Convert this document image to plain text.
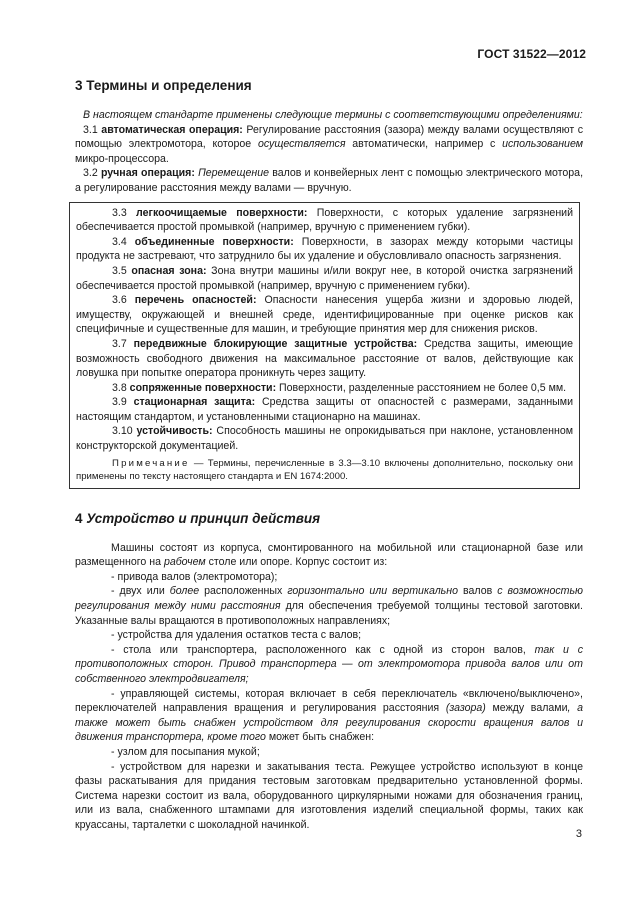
ГОСТ 31522—2012
3 Термины и определения

В настоящем стандарте применены следующие термины с соответствующими определениями:

3.1 автоматическая операция: Регулирование расстояния (зазора) между валами осуществляют с помощью электромотора, которое осуществляется автоматически, например с использованием микро-процессора.

3.2 ручная операция: Перемещение валов и конвейерных лент с помощью электрического мотора, а регулирование расстояния между валами — вручную.

3.3 легкоочищаемые поверхности: Поверхности, с которых удаление загрязнений обеспечивается простой промывкой (например, вручную с применением губки).

3.4 объединенные поверхности: Поверхности, в зазорах между которыми частицы продукта не застревают, что затруднило бы их удаление и обусловливало опасность загрязнения.

3.5 опасная зона: Зона внутри машины и/или вокруг нее, в которой очистка загрязнений обеспечивается простой промывкой (например, вручную с применением губки).

3.6 перечень опасностей: Опасности нанесения ущерба жизни и здоровью людей, имуществу, окружающей и внешней среде, идентифицированные при оценке рисков как специфичные и существенные для машин, и требующие принятия мер для снижения рисков.

3.7 передвижные блокирующие защитные устройства: Средства защиты, имеющие возможность свободного движения на максимальное расстояние от валов, действующие как ловушка при попытке оператора проникнуть через защиту.

3.8 сопряженные поверхности: Поверхности, разделенные расстоянием не более 0,5 мм.

3.9 стационарная защита: Средства защиты от опасностей с размерами, заданными настоящим стандартом, и установленными стационарно на машинах.

3.10 устойчивость: Способность машины не опрокидываться при наклоне, установленном конструкторской документацией.

Примечание — Термины, перечисленные в 3.3—3.10 включены дополнительно, поскольку они применены по тексту настоящего стандарта и EN 1674:2000.

4 Устройство и принцип действия

Машины состоят из корпуса, смонтированного на мобильной или стационарной базе или размещенного на рабочем столе или опоре. Корпус состоит из:

- привода валов (электромотора);

- двух или более расположенных горизонтально или вертикально валов с возможностью регулирования между ними расстояния для обеспечения требуемой толщины тестовой заготовки. Указанные валы вращаются в противоположных направлениях;

- устройства для удаления остатков теста с валов;

- стола или транспортера, расположенного как с одной из сторон валов, так и с противоположных сторон. Привод транспортера — от электромотора привода валов или от собственного электродвигателя;

- управляющей системы, которая включает в себя переключатель «включено/выключено», переключателей направления вращения и регулирования расстояния (зазора) между валами, а также может быть снабжен устройством для регулирования скорости вращения валов и движения транспортера, кроме того может быть снабжен:

- узлом для посыпания мукой;

- устройством для нарезки и закатывания теста. Режущее устройство используют в конце фазы раскатывания для придания тестовым заготовкам предварительно установленной формы. Система нарезки состоит из вала, оборудованного циркулярными ножами для обозначения границ, или из вала, снабженного штампами для изготовления изделий специальной формы, таких как круассаны, тарталетки с шоколадной начинкой.

3
